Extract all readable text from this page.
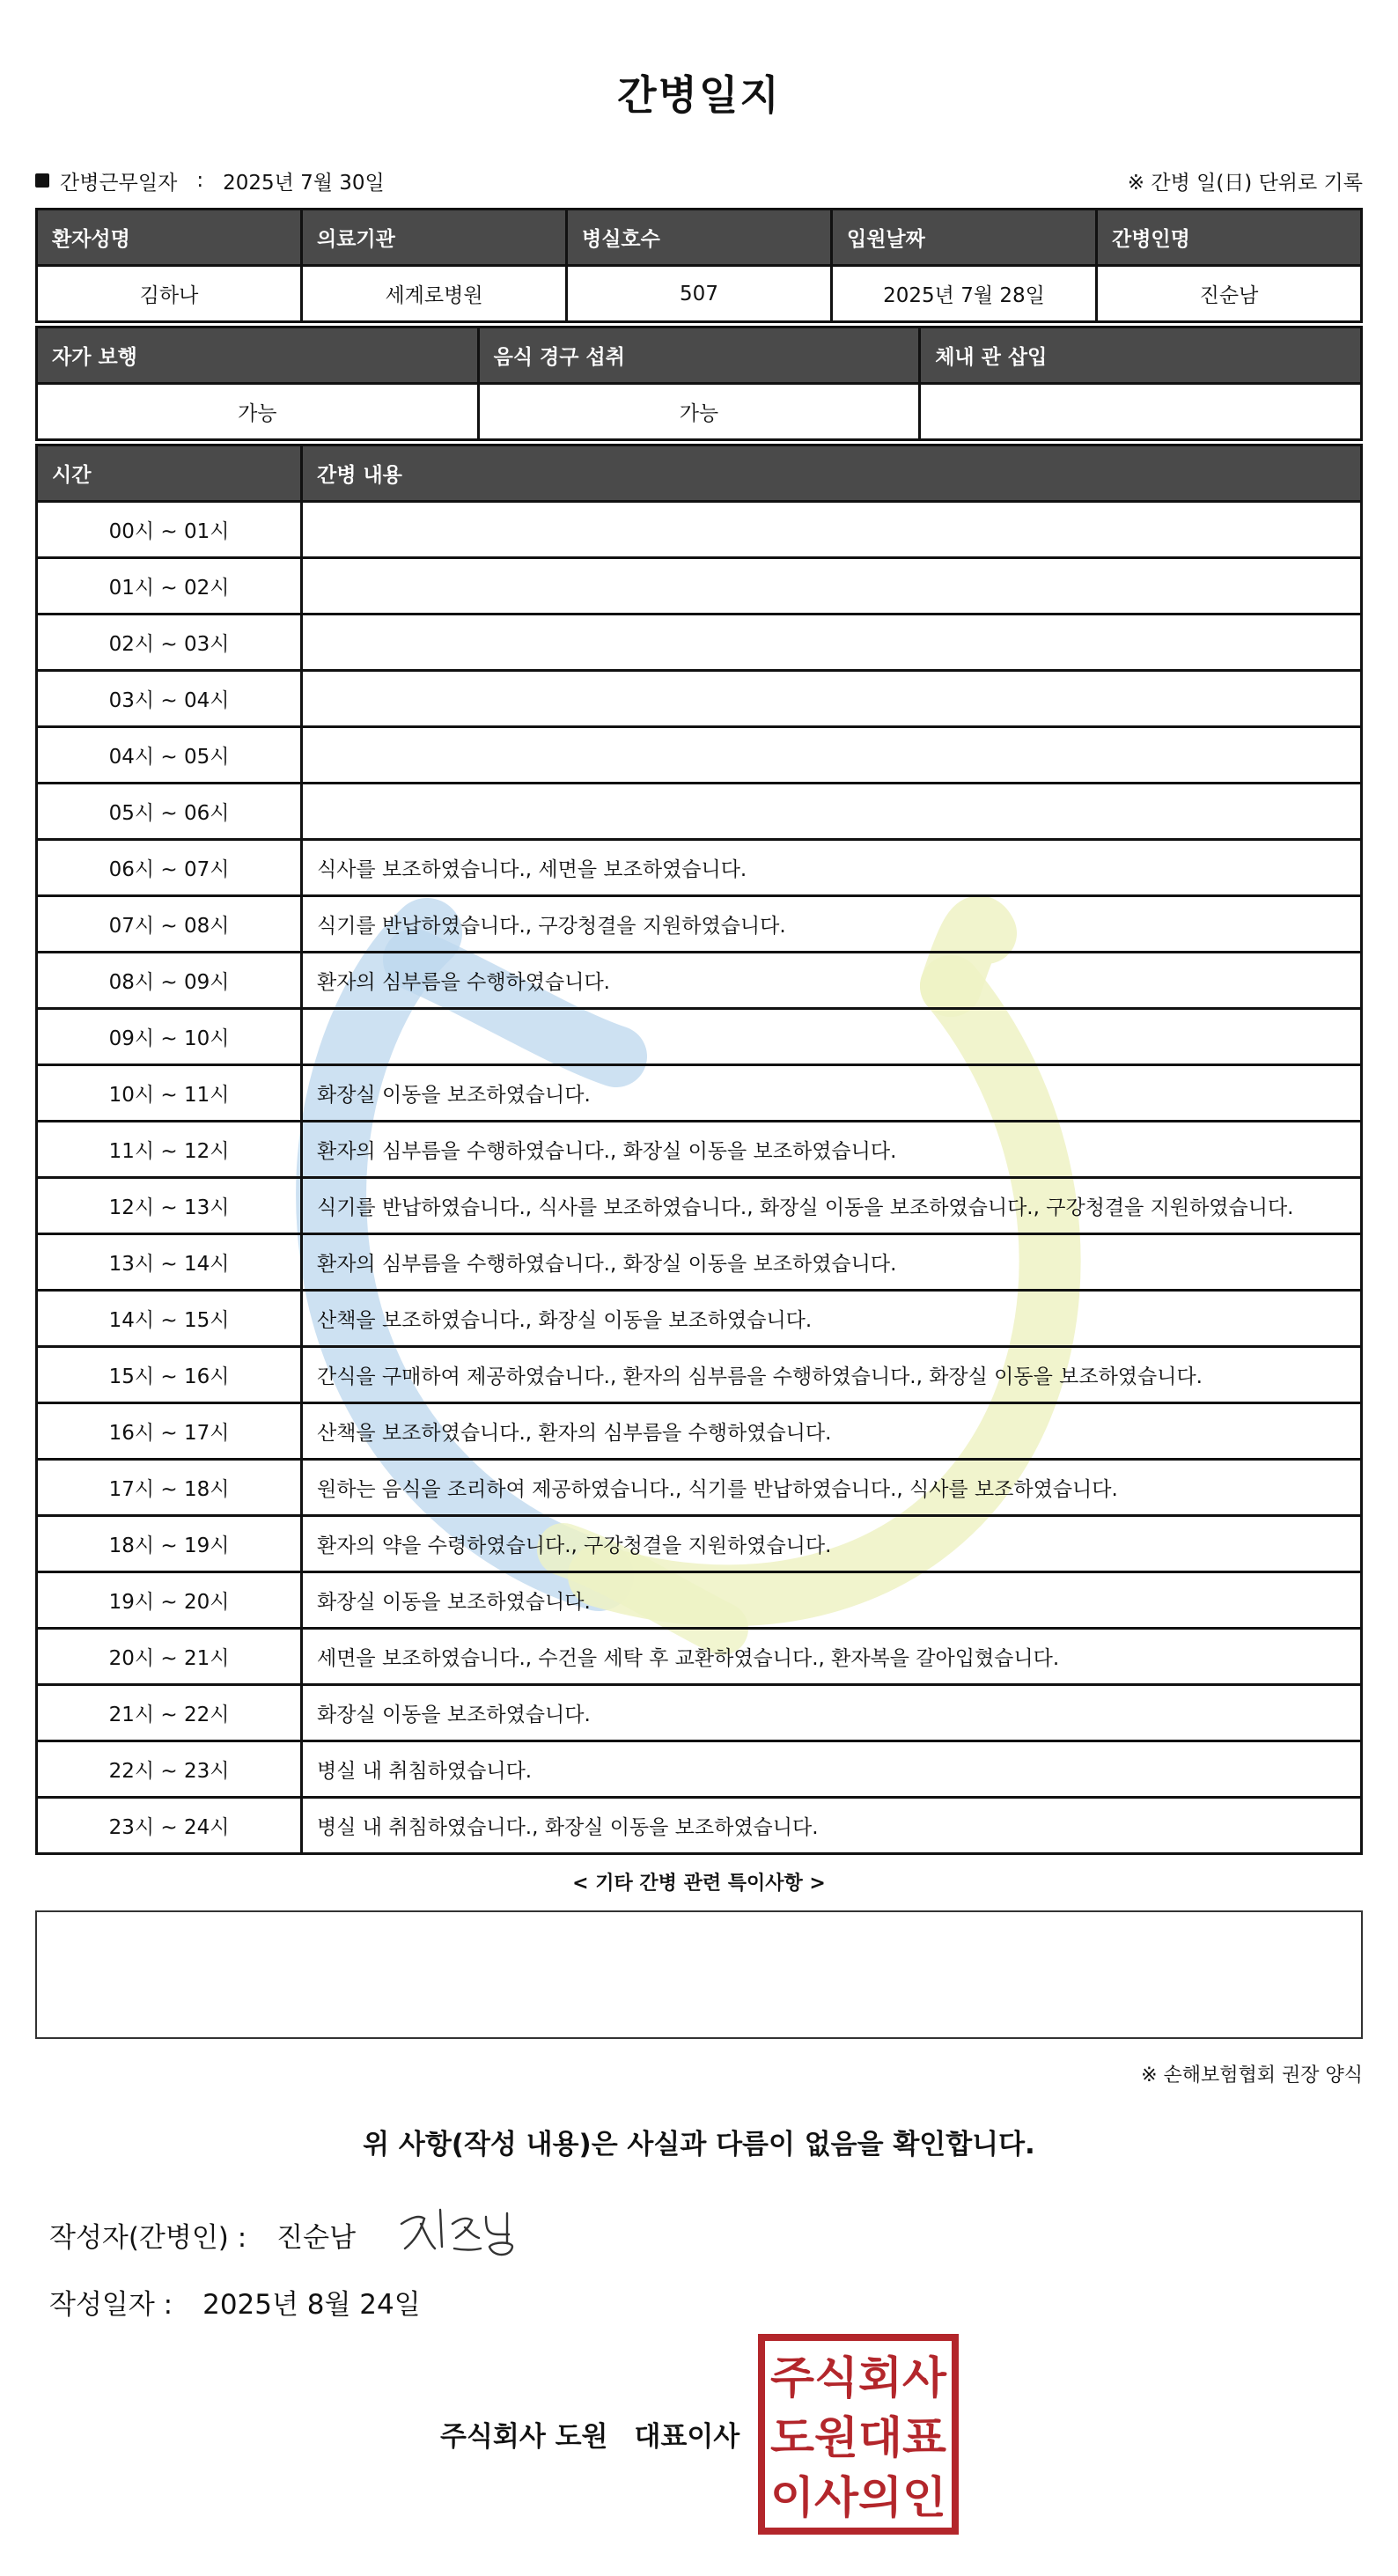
간병일지
간병근무일자 : 2025년 7월 30일	※ 간병 일(日) 단위로 기록
환자성명	의료기관	병실호수	입원날짜	간병인명
김하나	세계로병원	507	2025년 7월 28일	진순남
자가 보행	음식 경구 섭취	체내 관 삽입
가능	가능	
시간	간병 내용
00시 ~ 01시	
01시 ~ 02시	
02시 ~ 03시	
03시 ~ 04시	
04시 ~ 05시	
05시 ~ 06시	
06시 ~ 07시	식사를 보조하였습니다., 세면을 보조하였습니다.
07시 ~ 08시	식기를 반납하였습니다., 구강청결을 지원하였습니다.
08시 ~ 09시	환자의 심부름을 수행하였습니다.
09시 ~ 10시	
10시 ~ 11시	화장실 이동을 보조하였습니다.
11시 ~ 12시	환자의 심부름을 수행하였습니다., 화장실 이동을 보조하였습니다.
12시 ~ 13시	식기를 반납하였습니다., 식사를 보조하였습니다., 화장실 이동을 보조하였습니다., 구강청결을 지원하였습니다.
13시 ~ 14시	환자의 심부름을 수행하였습니다., 화장실 이동을 보조하였습니다.
14시 ~ 15시	산책을 보조하였습니다., 화장실 이동을 보조하였습니다.
15시 ~ 16시	간식을 구매하여 제공하였습니다., 환자의 심부름을 수행하였습니다., 화장실 이동을 보조하였습니다.
16시 ~ 17시	산책을 보조하였습니다., 환자의 심부름을 수행하였습니다.
17시 ~ 18시	원하는 음식을 조리하여 제공하였습니다., 식기를 반납하였습니다., 식사를 보조하였습니다.
18시 ~ 19시	환자의 약을 수령하였습니다., 구강청결을 지원하였습니다.
19시 ~ 20시	화장실 이동을 보조하였습니다.
20시 ~ 21시	세면을 보조하였습니다., 수건을 세탁 후 교환하였습니다., 환자복을 갈아입혔습니다.
21시 ~ 22시	화장실 이동을 보조하였습니다.
22시 ~ 23시	병실 내 취침하였습니다.
23시 ~ 24시	병실 내 취침하였습니다., 화장실 이동을 보조하였습니다.
< 기타 간병 관련 특이사항 >
※ 손해보험협회 권장 양식
위 사항(작성 내용)은 사실과 다름이 없음을 확인합니다.
작성자(간병인) : 진순남
작성일자 : 2025년 8월 24일
주식회사 도원 대표이사
주식회사
도원대표
이사의인
